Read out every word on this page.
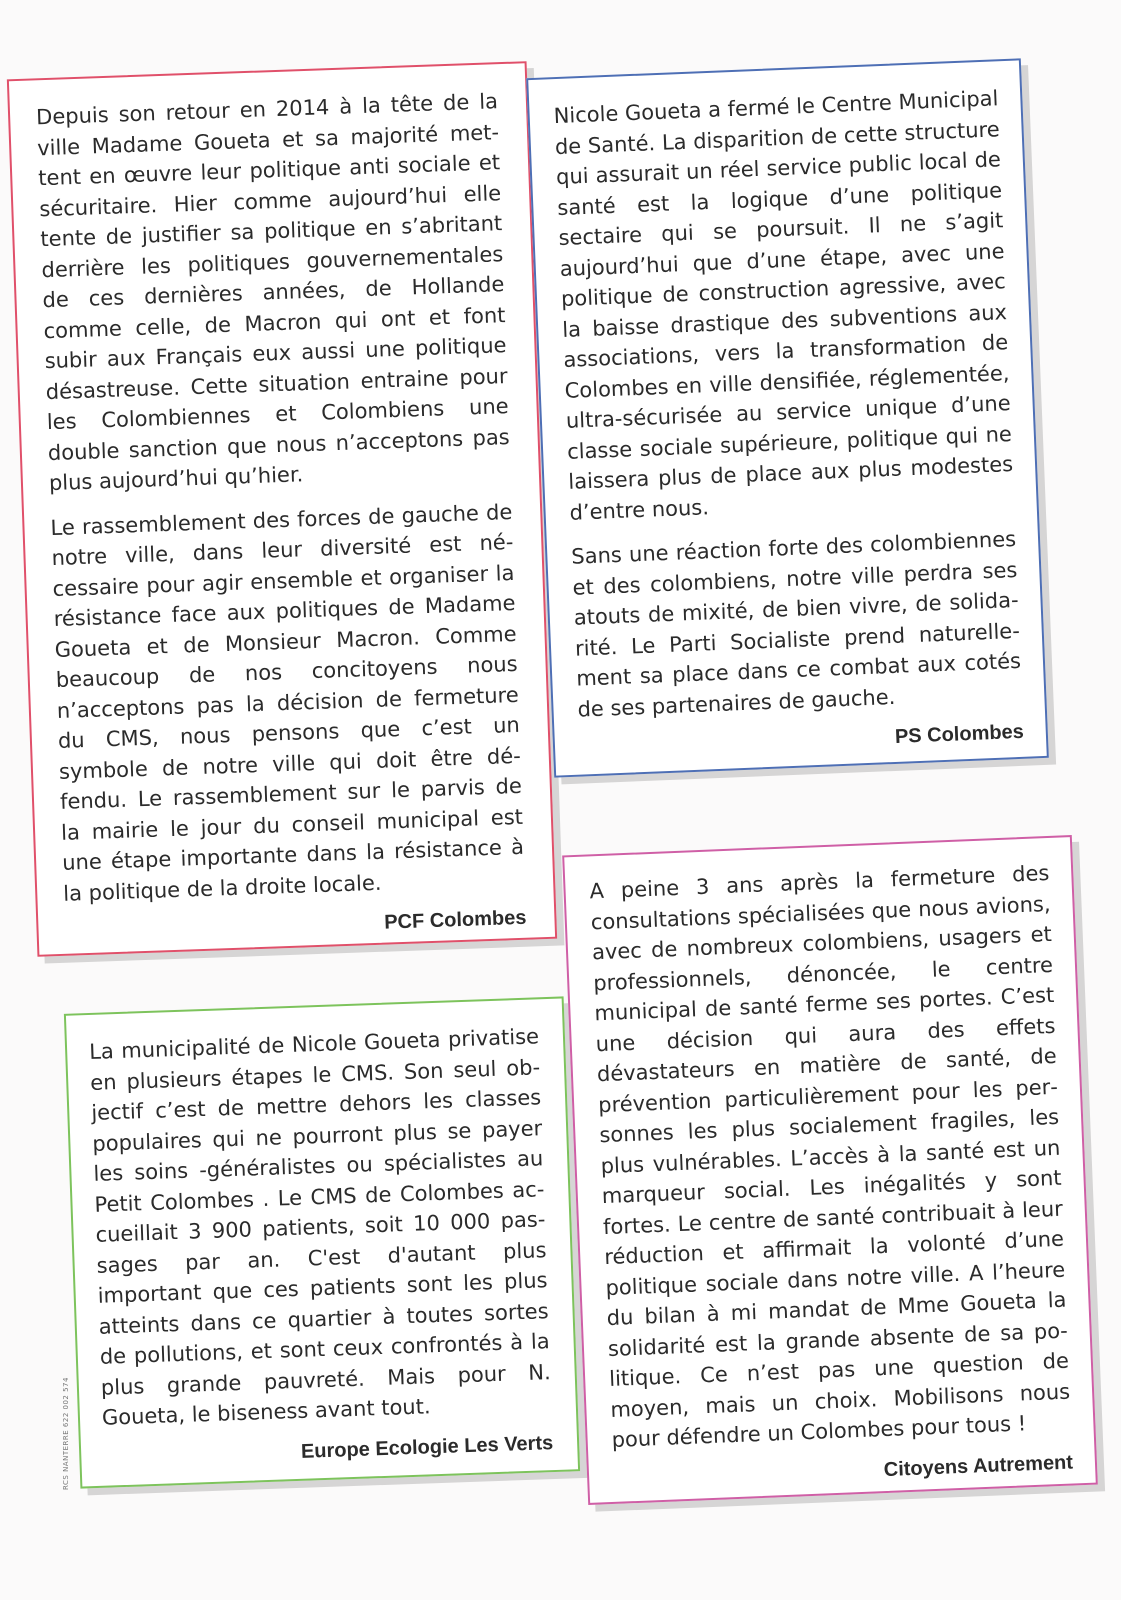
Depuis son retour en 2014 à la tête de la ville Madame Goueta et sa majorité mettent en œuvre leur politique anti sociale et sécuritaire. Hier comme aujourd’hui elle tente de justifier sa politique en s’abritant derrière les politiques gouvernementales de ces dernières années, de Hollande comme celle, de Macron qui ont et font subir aux Français eux aussi une politique désastreuse. Cette situation entraine pour les Colombiennes et Colombiens une double sanction que nous n’acceptons pas plus aujourd’hui qu’hier.

Le rassemblement des forces de gauche de notre ville, dans leur diversité est nécessaire pour agir ensemble et organiser la résistance face aux politiques de Madame Goueta et de Monsieur Macron. Comme beaucoup de nos concitoyens nous n’acceptons pas la décision de fermeture du CMS, nous pensons que c’est un symbole de notre ville qui doit être défendu. Le rassemblement sur le parvis de la mairie le jour du conseil municipal est une étape importante dans la résistance à la politique de la droite locale.

PCF Colombes

Nicole Goueta a fermé le Centre Municipal de Santé. La disparition de cette structure qui assurait un réel service public local de santé est la logique d’une politique sectaire qui se poursuit. Il ne s’agit aujourd’hui que d’une étape, avec une politique de construction agressive, avec la baisse drastique des subventions aux associations, vers la transformation de Colombes en ville densifiée, réglementée, ultra-sécurisée au service unique d’une classe sociale supérieure, politique qui ne laissera plus de place aux plus modestes d’entre nous.

Sans une réaction forte des colombiennes et des colombiens, notre ville perdra ses atouts de mixité, de bien vivre, de solidarité. Le Parti Socialiste prend naturellement sa place dans ce combat aux cotés de ses partenaires de gauche.

PS Colombes

La municipalité de Nicole Goueta privatise en plusieurs étapes le CMS. Son seul objectif c’est de mettre dehors les classes populaires qui ne pourront plus se payer les soins -généralistes ou spécialistes au Petit Colombes . Le CMS de Colombes accueillait 3 900 patients, soit 10 000 passages par an. C'est d'autant plus important que ces patients sont les plus atteints dans ce quartier à toutes sortes de pollutions, et sont ceux confrontés à la plus grande pauvreté. Mais pour N. Goueta, le biseness avant tout.

Europe Ecologie Les Verts

A peine 3 ans après la fermeture des consultations spécialisées que nous avions, avec de nombreux colombiens, usagers et professionnels, dénoncée, le centre municipal de santé ferme ses portes. C’est une décision qui aura des effets dévastateurs en matière de santé, de prévention particulièrement pour les personnes les plus socialement fragiles, les plus vulnérables. L’accès à la santé est un marqueur social. Les inégalités y sont fortes. Le centre de santé contribuait à leur réduction et affirmait la volonté d’une politique sociale dans notre ville. A l’heure du bilan à mi mandat de Mme Goueta la solidarité est la grande absente de sa politique. Ce n’est pas une question de moyen, mais un choix. Mobilisons nous pour défendre un Colombes pour tous !

Citoyens Autrement
RCS NANTERRE 622 002 574
